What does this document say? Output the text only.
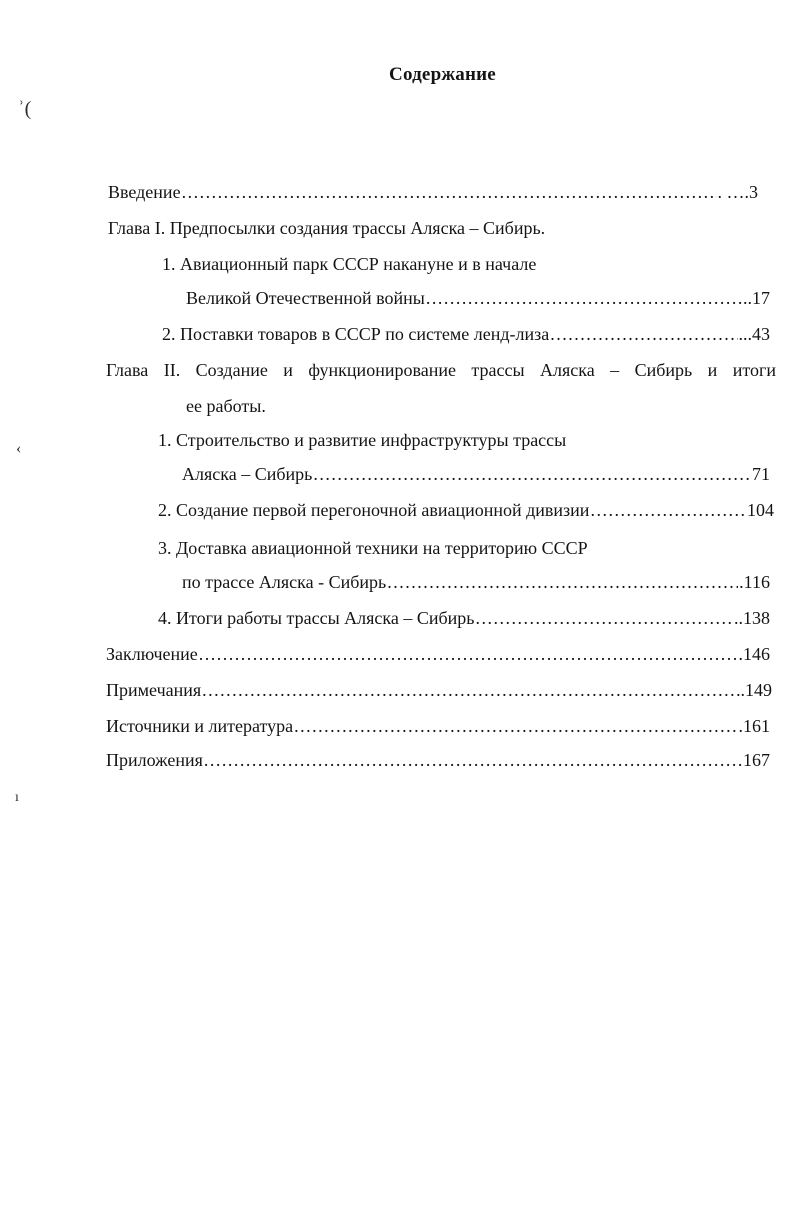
ʾ(
‹
ı
Содержание
Введение .....	. ….3
Глава I. Предпосылки создания трассы Аляска – Сибирь.
1. Авиационный парк СССР накануне и в начале
Великой Отечественной войны .....	..17
2. Поставки товаров в СССР по системе ленд-лиза .....	...43
Глава II. Создание и функционирование трассы Аляска – Сибирь и итоги
ее работы.
1. Строительство и развитие инфраструктуры трассы
Аляска – Сибирь .....	71
2. Создание первой перегоночной авиационной дивизии .....	104
3. Доставка авиационной техники на территорию СССР
по трассе Аляска - Сибирь .....	.116
4. Итоги работы трассы Аляска – Сибирь .....	..138
Заключение .....	.146
Примечания .....	.149
Источники и литература .....	.161
Приложения .....	167
